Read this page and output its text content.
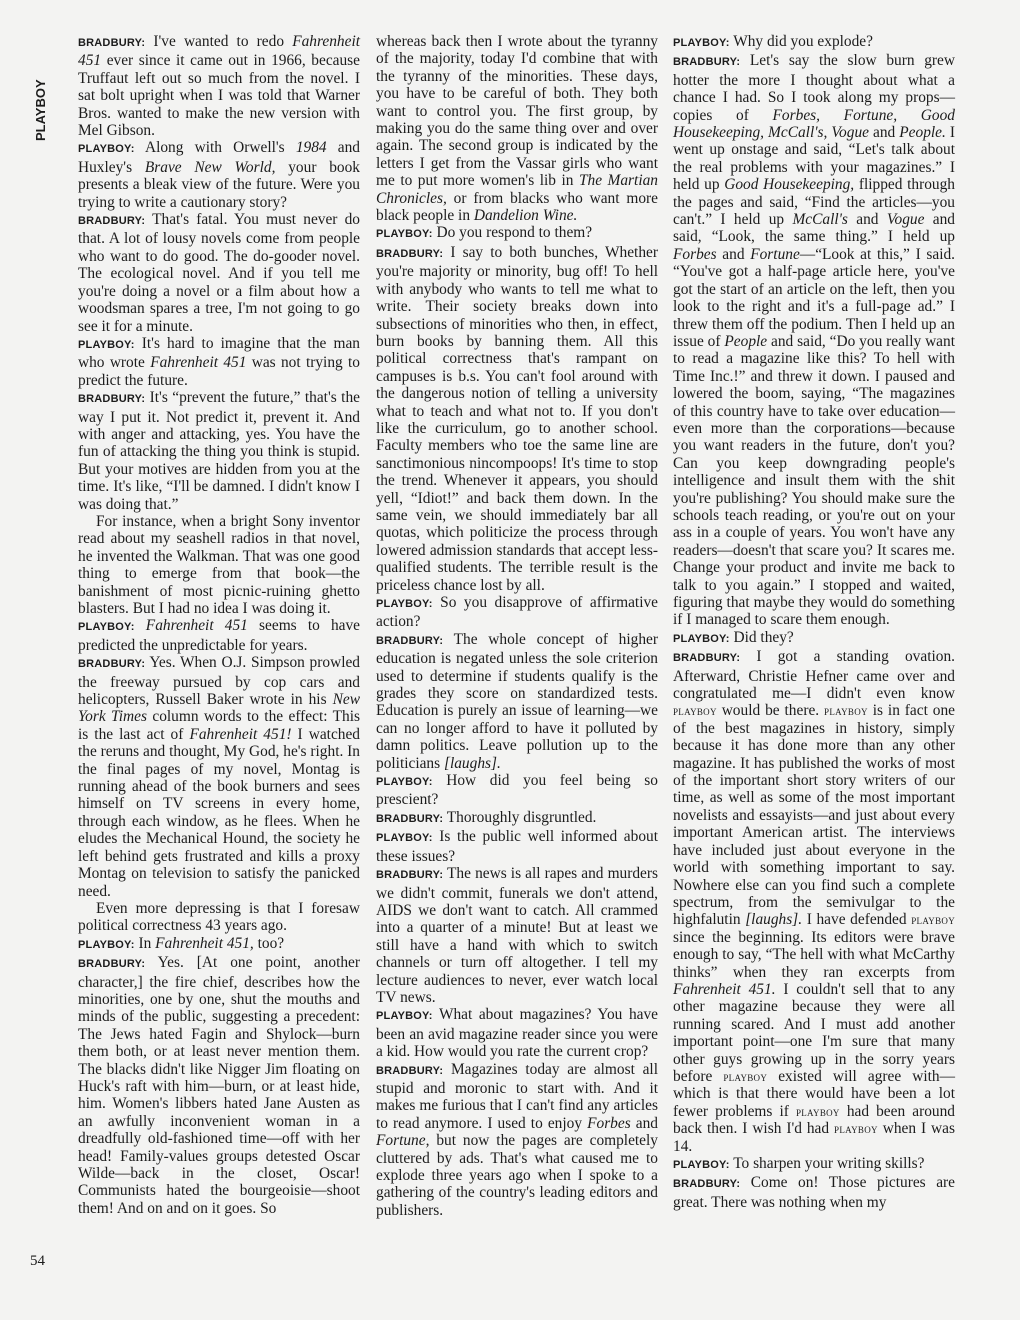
PLAYBOY

BRADBURY: I've wanted to redo Fahrenheit 451 ever since it came out in 1966, because Truffaut left out so much from the novel. I sat bolt upright when I was told that Warner Bros. wanted to make the new version with Mel Gibson.

PLAYBOY: Along with Orwell's 1984 and Huxley's Brave New World, your book presents a bleak view of the future. Were you trying to write a cautionary story?

BRADBURY: That's fatal. You must never do that. A lot of lousy novels come from people who want to do good. The do-gooder novel. The ecological novel. And if you tell me you're doing a novel or a film about how a woodsman spares a tree, I'm not going to go see it for a minute.

PLAYBOY: It's hard to imagine that the man who wrote Fahrenheit 451 was not trying to predict the future.

BRADBURY: It's “prevent the future,” that's the way I put it. Not predict it, prevent it. And with anger and attacking, yes. You have the fun of attacking the thing you think is stupid. But your motives are hidden from you at the time. It's like, “I'll be damned. I didn't know I was doing that.”

For instance, when a bright Sony inventor read about my seashell radios in that novel, he invented the Walkman. That was one good thing to emerge from that book—the banishment of most picnic-ruining ghetto blasters. But I had no idea I was doing it.

PLAYBOY: Fahrenheit 451 seems to have predicted the unpredictable for years.

BRADBURY: Yes. When O.J. Simpson prowled the freeway pursued by cop cars and helicopters, Russell Baker wrote in his New York Times column words to the effect: This is the last act of Fahrenheit 451! I watched the reruns and thought, My God, he's right. In the final pages of my novel, Montag is running ahead of the book burners and sees himself on TV screens in every home, through each window, as he flees. When he eludes the Mechanical Hound, the society he left behind gets frustrated and kills a proxy Montag on television to satisfy the panicked need.

Even more depressing is that I foresaw political correctness 43 years ago.

PLAYBOY: In Fahrenheit 451, too?

BRADBURY: Yes. [At one point, another character,] the fire chief, describes how the minorities, one by one, shut the mouths and minds of the public, suggesting a precedent: The Jews hated Fagin and Shylock—burn them both, or at least never mention them. The blacks didn't like Nigger Jim floating on Huck's raft with him—burn, or at least hide, him. Women's libbers hated Jane Austen as an awfully inconvenient woman in a dreadfully old-fashioned time—off with her head! Family-values groups detested Oscar Wilde—back in the closet, Oscar! Communists hated the bourgeoisie—shoot them! And on and on it goes. So

whereas back then I wrote about the tyranny of the majority, today I'd combine that with the tyranny of the minorities. These days, you have to be careful of both. They both want to control you. The first group, by making you do the same thing over and over again. The second group is indicated by the letters I get from the Vassar girls who want me to put more women's lib in The Martian Chronicles, or from blacks who want more black people in Dandelion Wine.

PLAYBOY: Do you respond to them?

BRADBURY: I say to both bunches, Whether you're majority or minority, bug off! To hell with anybody who wants to tell me what to write. Their society breaks down into subsections of minorities who then, in effect, burn books by banning them. All this political correctness that's rampant on campuses is b.s. You can't fool around with the dangerous notion of telling a university what to teach and what not to. If you don't like the curriculum, go to another school. Faculty members who toe the same line are sanctimonious nincompoops! It's time to stop the trend. Whenever it appears, you should yell, “Idiot!” and back them down. In the same vein, we should immediately bar all quotas, which politicize the process through lowered admission standards that accept less-qualified students. The terrible result is the priceless chance lost by all.

PLAYBOY: So you disapprove of affirmative action?

BRADBURY: The whole concept of higher education is negated unless the sole criterion used to determine if students qualify is the grades they score on standardized tests. Education is purely an issue of learning—we can no longer afford to have it polluted by damn politics. Leave pollution up to the politicians [laughs].

PLAYBOY: How did you feel being so prescient?

BRADBURY: Thoroughly disgruntled.

PLAYBOY: Is the public well informed about these issues?

BRADBURY: The news is all rapes and murders we didn't commit, funerals we don't attend, AIDS we don't want to catch. All crammed into a quarter of a minute! But at least we still have a hand with which to switch channels or turn off altogether. I tell my lecture audiences to never, ever watch local TV news.

PLAYBOY: What about magazines? You have been an avid magazine reader since you were a kid. How would you rate the current crop?

BRADBURY: Magazines today are almost all stupid and moronic to start with. And it makes me furious that I can't find any articles to read anymore. I used to enjoy Forbes and Fortune, but now the pages are completely cluttered by ads. That's what caused me to explode three years ago when I spoke to a gathering of the country's leading editors and publishers.

PLAYBOY: Why did you explode?

BRADBURY: Let's say the slow burn grew hotter the more I thought about what a chance I had. So I took along my props—copies of Forbes, Fortune, Good Housekeeping, McCall's, Vogue and People. I went up onstage and said, “Let's talk about the real problems with your magazines.” I held up Good Housekeeping, flipped through the pages and said, “Find the articles—you can't.” I held up McCall's and Vogue and said, “Look, the same thing.” I held up Forbes and Fortune—“Look at this,” I said. “You've got a half-page article here, you've got the start of an article on the left, then you look to the right and it's a full-page ad.” I threw them off the podium. Then I held up an issue of People and said, “Do you really want to read a magazine like this? To hell with Time Inc.!” and threw it down. I paused and lowered the boom, saying, “The magazines of this country have to take over education—even more than the corporations—because you want readers in the future, don't you? Can you keep downgrading people's intelligence and insult them with the shit you're publishing? You should make sure the schools teach reading, or you're out on your ass in a couple of years. You won't have any readers—doesn't that scare you? It scares me. Change your product and invite me back to talk to you again.” I stopped and waited, figuring that maybe they would do something if I managed to scare them enough.

PLAYBOY: Did they?

BRADBURY: I got a standing ovation. Afterward, Christie Hefner came over and congratulated me—I didn't even know playboy would be there. playboy is in fact one of the best magazines in history, simply because it has done more than any other magazine. It has published the works of most of the important short story writers of our time, as well as some of the most important novelists and essayists—and just about every important American artist. The interviews have included just about everyone in the world with something important to say. Nowhere else can you find such a complete spectrum, from the semivulgar to the highfalutin [laughs]. I have defended playboy since the beginning. Its editors were brave enough to say, “The hell with what McCarthy thinks” when they ran excerpts from Fahrenheit 451. I couldn't sell that to any other magazine because they were all running scared. And I must add another important point—one I'm sure that many other guys growing up in the sorry years before playboy existed will agree with—which is that there would have been a lot fewer problems if playboy had been around back then. I wish I'd had playboy when I was 14.

PLAYBOY: To sharpen your writing skills?

BRADBURY: Come on! Those pictures are great. There was nothing when my

54
